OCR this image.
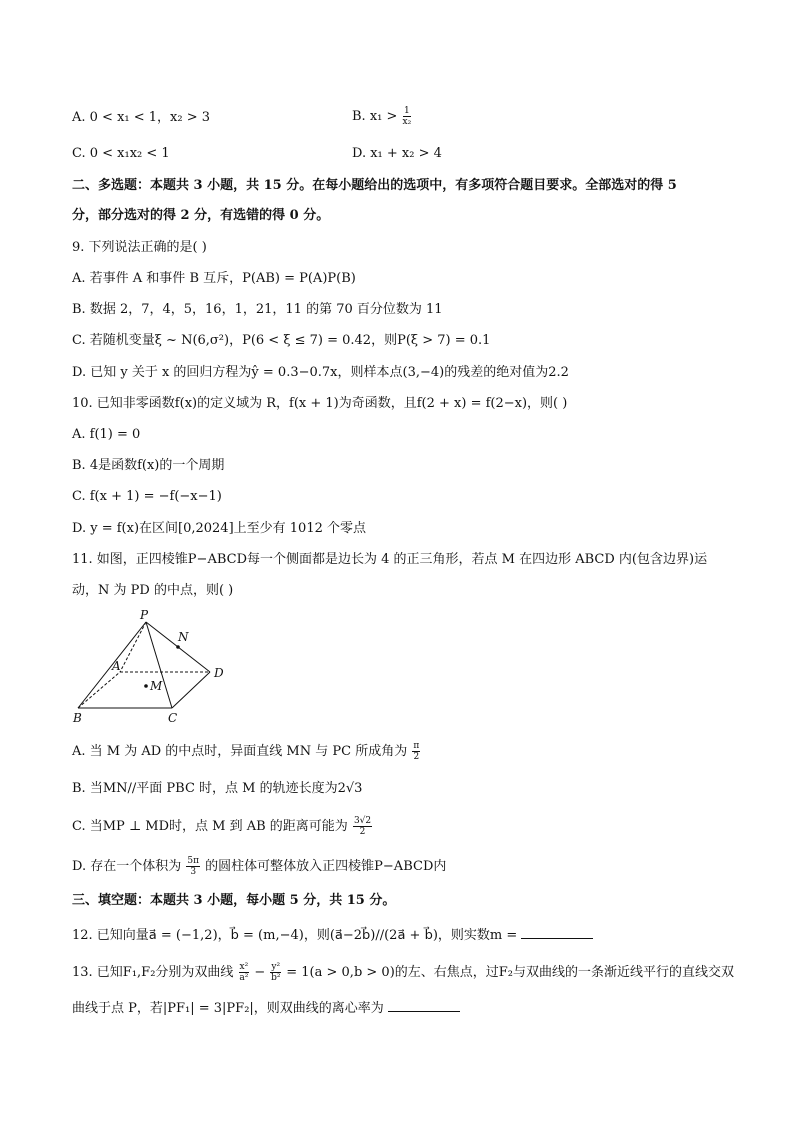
A. 0 < x₁ < 1，x₂ > 3	B. $x_1 > \frac{1}{\text{x₂}}$
C. 0 < x₁x₂ < 1	D. x₁ + x₂ > 4
二、多选题：本题共 3 小题，共 15 分。在每小题给出的选项中，有多项符合题目要求。全部选对的得 5
分，部分选对的得 2 分，有选错的得 0 分。
9. 下列说法正确的是( )
A. 若事件 A 和事件 B 互斥，P(AB) = P(A)P(B)
B. 数据 2，7，4，5，16，1，21，11 的第 70 百分位数为 11
C. 若随机变量ξ ~ N(6,σ²)，P(6 < ξ ≤ 7) = 0.42，则P(ξ > 7) = 0.1
D. 已知 y 关于 x 的回归方程为ŷ = 0.3−0.7x，则样本点(3,−4)的残差的绝对值为2.2
10. 已知非零函数f(x)的定义域为 R，f(x + 1)为奇函数，且f(2 + x) = f(2−x)，则( )
A. f(1) = 0
B. 4是函数f(x)的一个周期
C. f(x + 1) = −f(−x−1)
D. y = f(x)在区间[0,2024]上至少有 1012 个零点
11. 如图，正四棱锥P−ABCD每一个侧面都是边长为 4 的正三角形，若点 M 在四边形 ABCD 内(包含边界)运
动，N 为 PD 的中点，则( )
P
N
A	D
M
B	C
A. 当 M 为 AD 的中点时，异面直线 MN 与 PC 所成角为 $\frac{\pi}{2}$
B. 当MN//平面 PBC 时，点 M 的轨迹长度为2√3
C. 当MP ⊥ MD时，点 M 到 AB 的距离可能为 $\frac{3√2}{2}$
D. 存在一个体积为 $\frac{5\pi}{3}$ 的圆柱体可整体放入正四棱锥P−ABCD内
三、填空题：本题共 3 小题，每小题 5 分，共 15 分。
12. 已知向量a⃗ = (−1,2)，b⃗ = (m,−4)，则(a⃗−2b⃗)//(2a⃗ + b⃗)，则实数m =
13. 已知F₁,F₂分别为双曲线 $\frac{\text{x²}}{\text{a²}} - \frac{\text{y²}}{\text{b²}} = 1(a > 0,b > 0)$的左、右焦点，过F₂与双曲线的一条渐近线平行的直线交双
曲线于点 P，若|PF₁| = 3|PF₂|，则双曲线的离心率为
